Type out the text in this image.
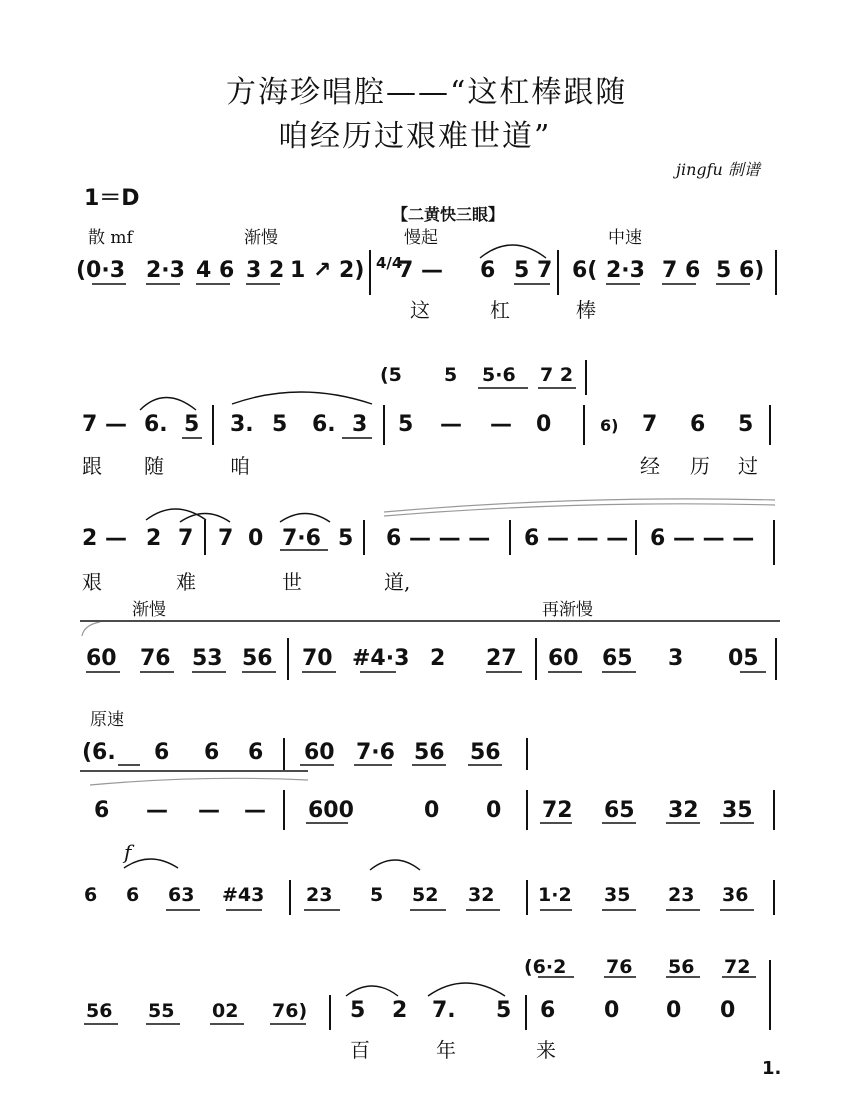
方海珍唱腔——“这杠棒跟随
咱经历过艰难世道”
jingfu 制谱
1＝D
【二黄快三眼】
散 mf	渐慢	慢起	中速
(0·3 2·3 4 6 3 2 1 ↗ 2) 4/4
7 — 6 5 7 6( 2·3 7 6 5 6)
这	杠	棒
(5 5 5·6 7 2
7 — 6. 5 3. 5 6. 3 5 — — 0	6) 7 6 5
跟 随	咱	经 历 过
2 — 2 7 7 0 7·6 5 6 — — — 6 — — — 6 — — —
艰	难	世	道,
渐慢	再渐慢
60 76 53 56 70 #4·3 2 27 60 65 3 05
原速
(6. 6 6 6 60 7·6 56 56
6 — — — 600	0 0 72 65 32 35
f
6 6 63 #43 23 5 52 32 1·2 35 23 36
(6·2 76 56 72
56 55 02 76) 5 2 7. 5 6 0 0 0
百	年	来
1.
